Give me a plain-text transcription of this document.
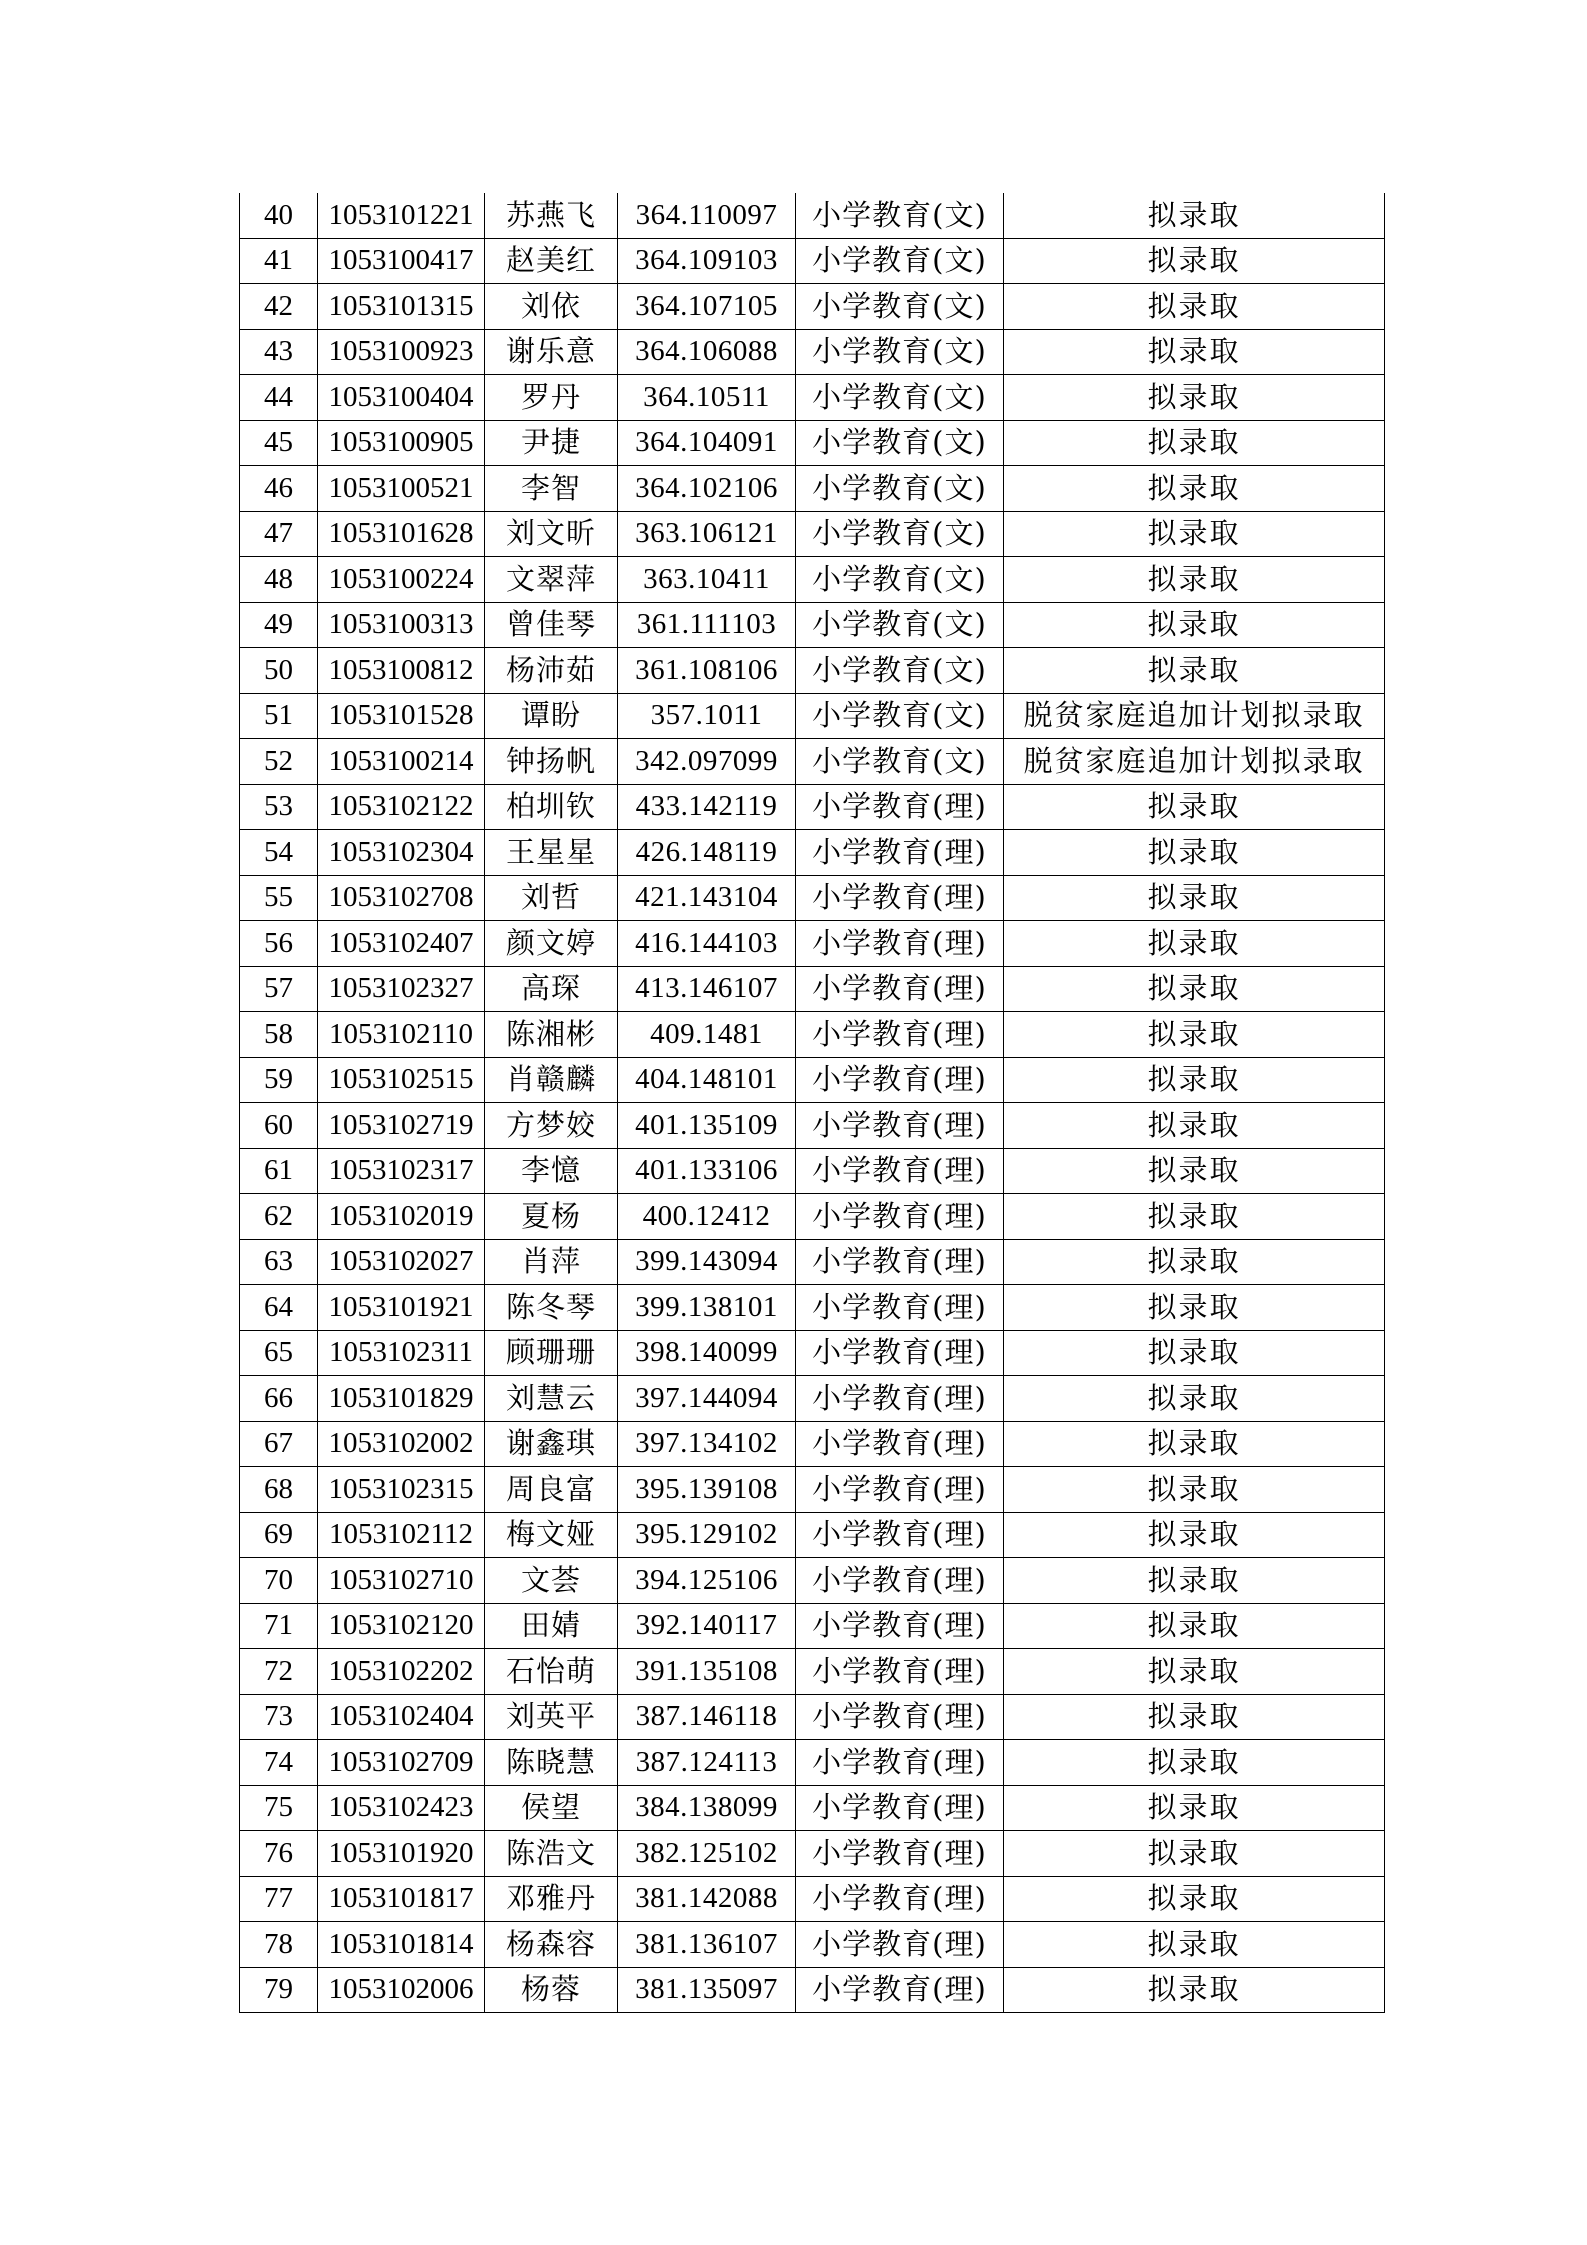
40	1053101221	苏燕飞	364.110097	小学教育(文)	拟录取
41	1053100417	赵美红	364.109103	小学教育(文)	拟录取
42	1053101315	刘依	364.107105	小学教育(文)	拟录取
43	1053100923	谢乐意	364.106088	小学教育(文)	拟录取
44	1053100404	罗丹	364.10511	小学教育(文)	拟录取
45	1053100905	尹捷	364.104091	小学教育(文)	拟录取
46	1053100521	李智	364.102106	小学教育(文)	拟录取
47	1053101628	刘文昕	363.106121	小学教育(文)	拟录取
48	1053100224	文翠萍	363.10411	小学教育(文)	拟录取
49	1053100313	曾佳琴	361.111103	小学教育(文)	拟录取
50	1053100812	杨沛茹	361.108106	小学教育(文)	拟录取
51	1053101528	谭盼	357.1011	小学教育(文)	脱贫家庭追加计划拟录取
52	1053100214	钟扬帆	342.097099	小学教育(文)	脱贫家庭追加计划拟录取
53	1053102122	柏圳钦	433.142119	小学教育(理)	拟录取
54	1053102304	王星星	426.148119	小学教育(理)	拟录取
55	1053102708	刘哲	421.143104	小学教育(理)	拟录取
56	1053102407	颜文婷	416.144103	小学教育(理)	拟录取
57	1053102327	高琛	413.146107	小学教育(理)	拟录取
58	1053102110	陈湘彬	409.1481	小学教育(理)	拟录取
59	1053102515	肖赣麟	404.148101	小学教育(理)	拟录取
60	1053102719	方梦姣	401.135109	小学教育(理)	拟录取
61	1053102317	李憶	401.133106	小学教育(理)	拟录取
62	1053102019	夏杨	400.12412	小学教育(理)	拟录取
63	1053102027	肖萍	399.143094	小学教育(理)	拟录取
64	1053101921	陈冬琴	399.138101	小学教育(理)	拟录取
65	1053102311	顾珊珊	398.140099	小学教育(理)	拟录取
66	1053101829	刘慧云	397.144094	小学教育(理)	拟录取
67	1053102002	谢鑫琪	397.134102	小学教育(理)	拟录取
68	1053102315	周良富	395.139108	小学教育(理)	拟录取
69	1053102112	梅文娅	395.129102	小学教育(理)	拟录取
70	1053102710	文荟	394.125106	小学教育(理)	拟录取
71	1053102120	田婧	392.140117	小学教育(理)	拟录取
72	1053102202	石怡萌	391.135108	小学教育(理)	拟录取
73	1053102404	刘英平	387.146118	小学教育(理)	拟录取
74	1053102709	陈晓慧	387.124113	小学教育(理)	拟录取
75	1053102423	侯望	384.138099	小学教育(理)	拟录取
76	1053101920	陈浩文	382.125102	小学教育(理)	拟录取
77	1053101817	邓雅丹	381.142088	小学教育(理)	拟录取
78	1053101814	杨森容	381.136107	小学教育(理)	拟录取
79	1053102006	杨蓉	381.135097	小学教育(理)	拟录取
